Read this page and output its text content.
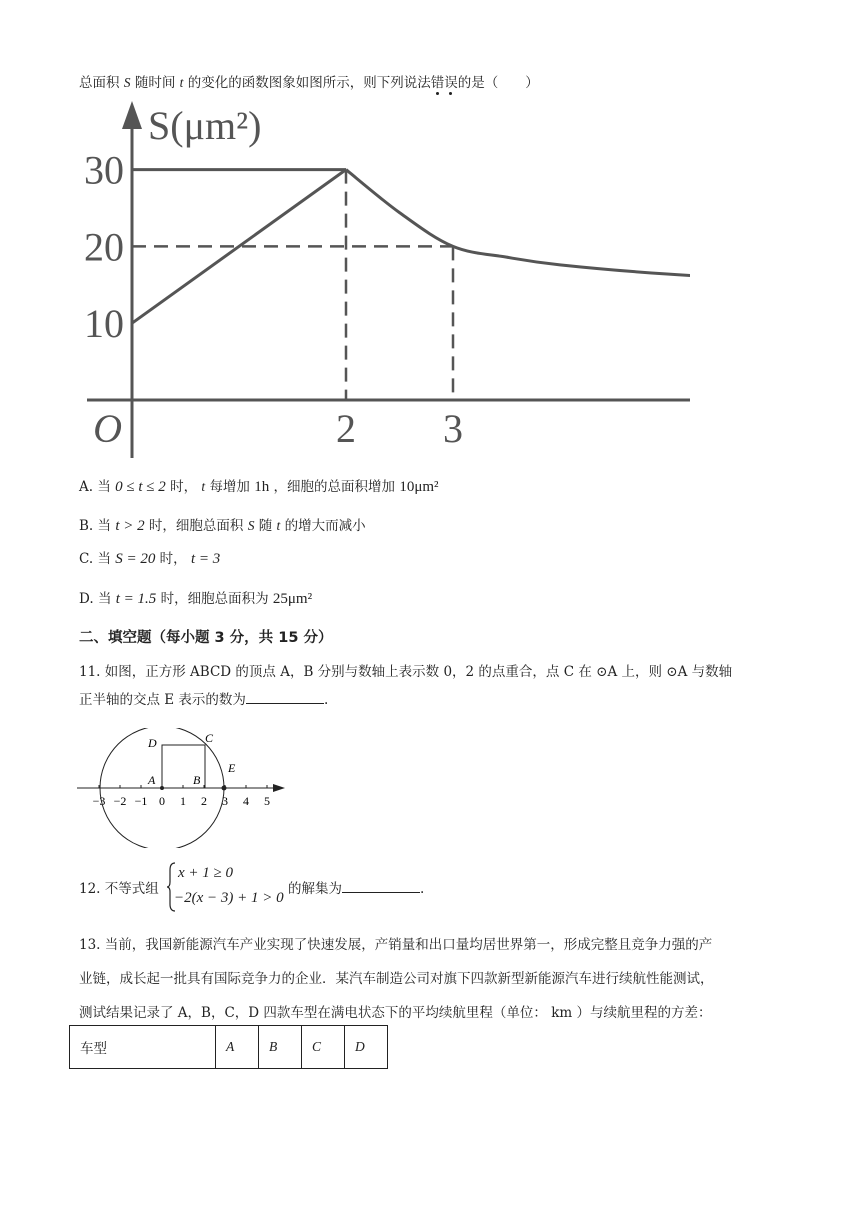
总面积 S 随时间 t 的变化的函数图象如图所示，则下列说法错误的是（　　）
10
20
30
2 3
O
S(μm²)
A. 当 0 ≤ t ≤ 2 时， t 每增加 1h ，细胞的总面积增加 10μm²
B. 当 t > 2 时，细胞总面积 S 随 t 的增大而减小
C. 当 S = 20 时， t = 3
D. 当 t = 1.5 时，细胞总面积为 25μm²
二、填空题（每小题 3 分，共 15 分）
11. 如图，正方形 ABCD 的顶点 A，B 分别与数轴上表示数 0，2 的点重合，点 C 在 ⊙A 上，则 ⊙A 与数轴
正半轴的交点 E 表示的数为	.
−3 −2 −1 0 1 2 3 4 5
D	C
A	B
E
12. 不等式组
x + 1 ≥ 0
−2(x − 3) + 1 > 0
的解集为	.
13. 当前，我国新能源汽车产业实现了快速发展，产销量和出口量均居世界第一，形成完整且竞争力强的产
业链，成长起一批具有国际竞争力的企业．某汽车制造公司对旗下四款新型新能源汽车进行续航性能测试，
测试结果记录了 A，B，C，D 四款车型在满电状态下的平均续航里程（单位： km ）与续航里程的方差：
车型	A	B	C	D
